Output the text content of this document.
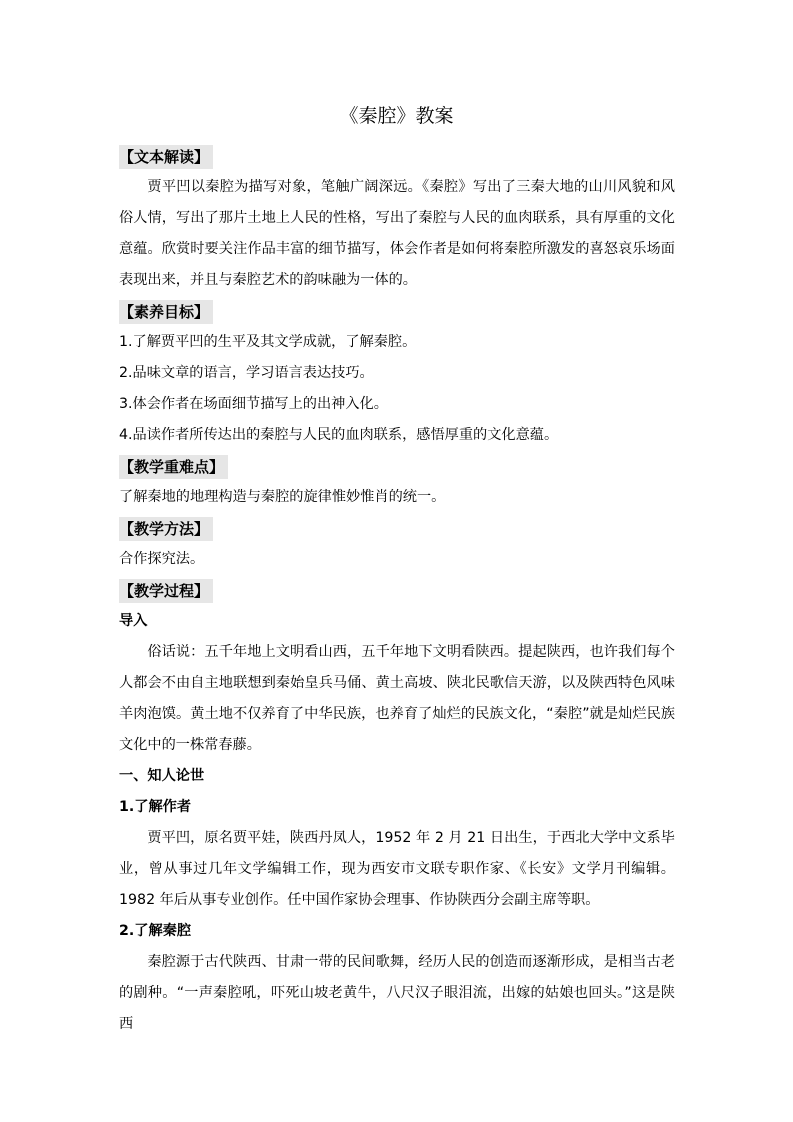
《秦腔》教案
【文本解读】

贾平凹以秦腔为描写对象，笔触广阔深远。《秦腔》写出了三秦大地的山川风貌和风俗人情，写出了那片土地上人民的性格，写出了秦腔与人民的血肉联系，具有厚重的文化意蕴。欣赏时要关注作品丰富的细节描写，体会作者是如何将秦腔所激发的喜怒哀乐场面表现出来，并且与秦腔艺术的韵味融为一体的。

【素养目标】

1.了解贾平凹的生平及其文学成就，了解秦腔。

2.品味文章的语言，学习语言表达技巧。

3.体会作者在场面细节描写上的出神入化。

4.品读作者所传达出的秦腔与人民的血肉联系，感悟厚重的文化意蕴。

【教学重难点】

了解秦地的地理构造与秦腔的旋律惟妙惟肖的统一。

【教学方法】

合作探究法。

【教学过程】

导入

俗话说：五千年地上文明看山西，五千年地下文明看陕西。提起陕西，也许我们每个人都会不由自主地联想到秦始皇兵马俑、黄土高坡、陕北民歌信天游，以及陕西特色风味羊肉泡馍。黄土地不仅养育了中华民族，也养育了灿烂的民族文化，“秦腔”就是灿烂民族文化中的一株常春藤。

一、知人论世

1.了解作者

贾平凹，原名贾平娃，陕西丹凤人，1952 年 2 月 21 日出生，于西北大学中文系毕业，曾从事过几年文学编辑工作，现为西安市文联专职作家、《长安》文学月刊编辑。1982 年后从事专业创作。任中国作家协会理事、作协陕西分会副主席等职。

2.了解秦腔

秦腔源于古代陕西、甘肃一带的民间歌舞，经历人民的创造而逐渐形成，是相当古老的剧种。“一声秦腔吼，吓死山坡老黄牛，八尺汉子眼泪流，出嫁的姑娘也回头。”这是陕西
